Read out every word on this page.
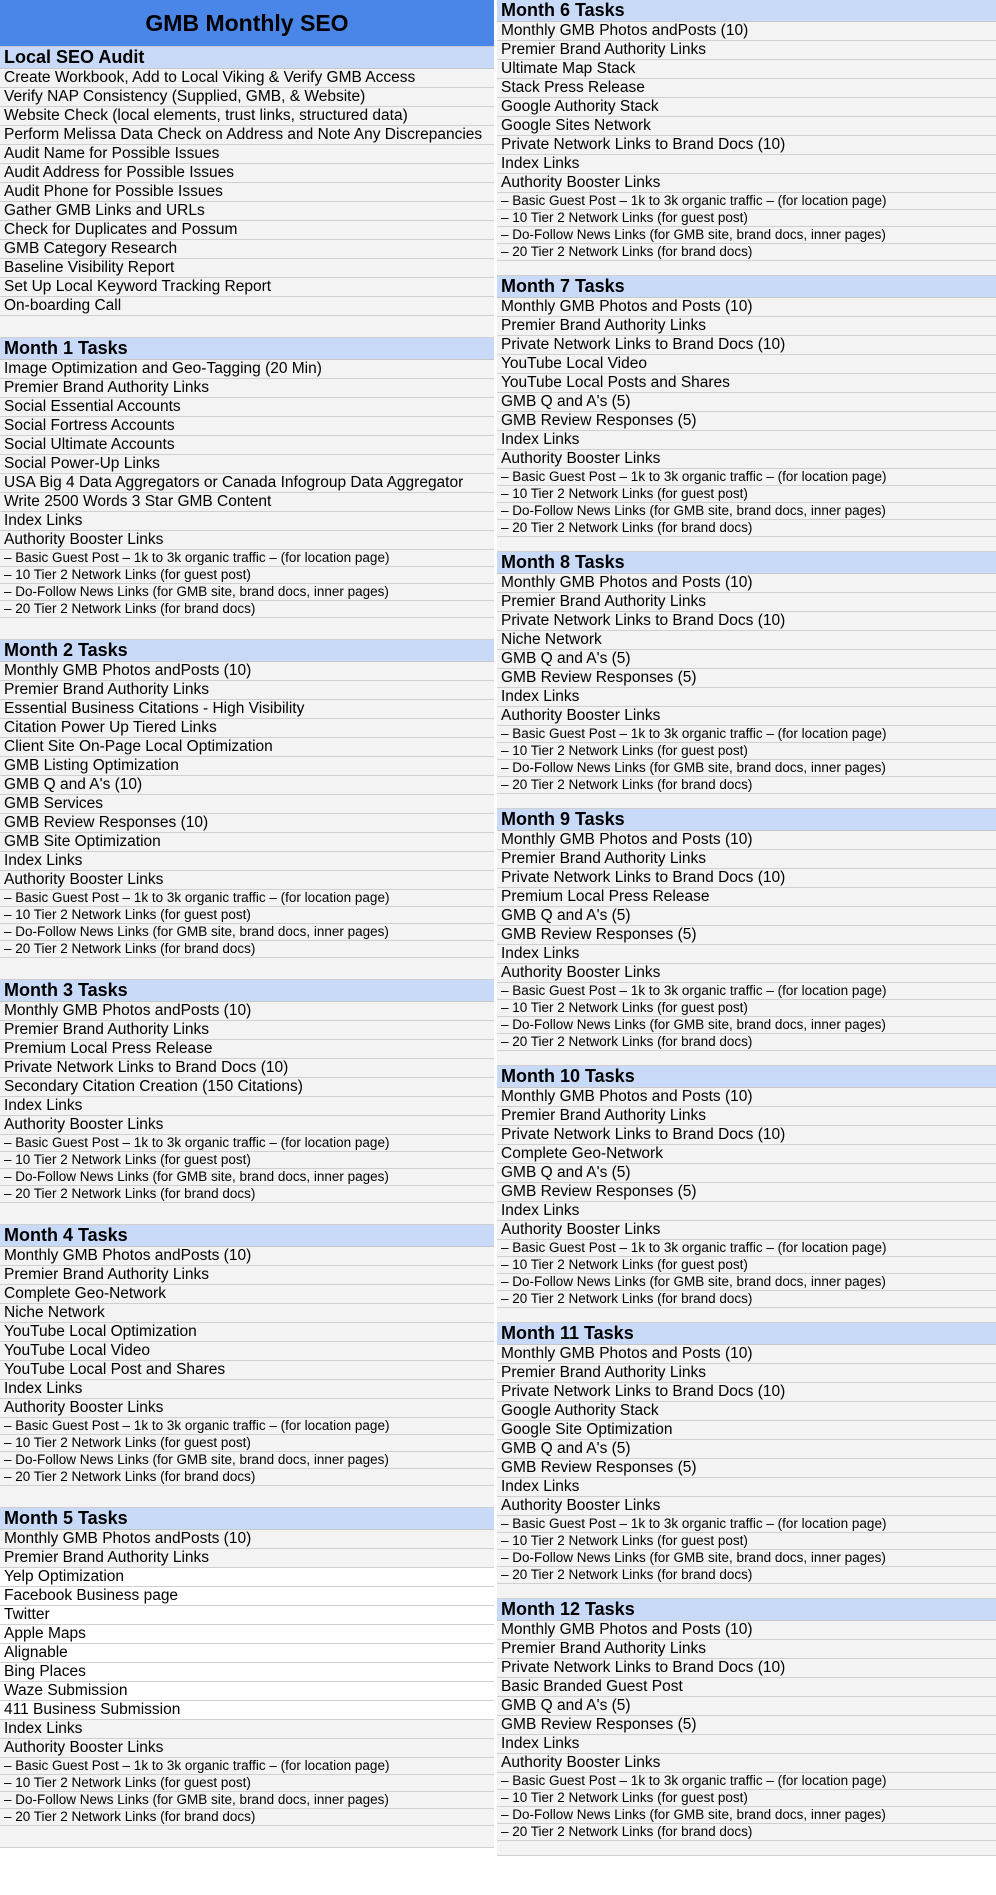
GMB Monthly SEO
Local SEO Audit
Create Workbook, Add to Local Viking & Verify GMB Access
Verify NAP Consistency (Supplied, GMB, & Website)
Website Check (local elements, trust links, structured data)
Perform Melissa Data Check on Address and Note Any Discrepancies
Audit Name for Possible Issues
Audit Address for Possible Issues
Audit Phone for Possible Issues
Gather GMB Links and URLs
Check for Duplicates and Possum
GMB Category Research
Baseline Visibility Report
Set Up Local Keyword Tracking Report
On-boarding Call
Month 1 Tasks
Image Optimization and Geo-Tagging (20 Min)
Premier Brand Authority Links
Social Essential Accounts
Social Fortress Accounts
Social Ultimate Accounts
Social Power-Up Links
USA Big 4 Data Aggregators or Canada Infogroup Data Aggregator
Write 2500 Words 3 Star GMB Content
Index Links
Authority Booster Links
– Basic Guest Post – 1k to 3k organic traffic – (for location page)
– 10 Tier 2 Network Links (for guest post)
– Do-Follow News Links (for GMB site, brand docs, inner pages)
– 20 Tier 2 Network Links (for brand docs)
Month 2 Tasks
Monthly GMB Photos andPosts (10)
Premier Brand Authority Links
Essential Business Citations - High Visibility
Citation Power Up Tiered Links
Client Site On-Page Local Optimization
GMB Listing Optimization
GMB Q and A's (10)
GMB Services
GMB Review Responses (10)
GMB Site Optimization
Index Links
Authority Booster Links
– Basic Guest Post – 1k to 3k organic traffic – (for location page)
– 10 Tier 2 Network Links (for guest post)
– Do-Follow News Links (for GMB site, brand docs, inner pages)
– 20 Tier 2 Network Links (for brand docs)
Month 3 Tasks
Monthly GMB Photos andPosts (10)
Premier Brand Authority Links
Premium Local Press Release
Private Network Links to Brand Docs (10)
Secondary Citation Creation (150 Citations)
Index Links
Authority Booster Links
– Basic Guest Post – 1k to 3k organic traffic – (for location page)
– 10 Tier 2 Network Links (for guest post)
– Do-Follow News Links (for GMB site, brand docs, inner pages)
– 20 Tier 2 Network Links (for brand docs)
Month 4 Tasks
Monthly GMB Photos andPosts (10)
Premier Brand Authority Links
Complete Geo-Network
Niche Network
YouTube Local Optimization
YouTube Local Video
YouTube Local Post and Shares
Index Links
Authority Booster Links
– Basic Guest Post – 1k to 3k organic traffic – (for location page)
– 10 Tier 2 Network Links (for guest post)
– Do-Follow News Links (for GMB site, brand docs, inner pages)
– 20 Tier 2 Network Links (for brand docs)
Month 5 Tasks
Monthly GMB Photos andPosts (10)
Premier Brand Authority Links
Yelp Optimization
Facebook Business page
Twitter
Apple Maps
Alignable
Bing Places
Waze Submission
411 Business Submission
Index Links
Authority Booster Links
– Basic Guest Post – 1k to 3k organic traffic – (for location page)
– 10 Tier 2 Network Links (for guest post)
– Do-Follow News Links (for GMB site, brand docs, inner pages)
– 20 Tier 2 Network Links (for brand docs)
Month 6 Tasks
Monthly GMB Photos andPosts (10)
Premier Brand Authority Links
Ultimate Map Stack
Stack Press Release
Google Authority Stack
Google Sites Network
Private Network Links to Brand Docs (10)
Index Links
Authority Booster Links
– Basic Guest Post – 1k to 3k organic traffic – (for location page)
– 10 Tier 2 Network Links (for guest post)
– Do-Follow News Links (for GMB site, brand docs, inner pages)
– 20 Tier 2 Network Links (for brand docs)
Month 7 Tasks
Monthly GMB Photos and Posts (10)
Premier Brand Authority Links
Private Network Links to Brand Docs (10)
YouTube Local Video
YouTube Local Posts and Shares
GMB Q and A's (5)
GMB Review Responses (5)
Index Links
Authority Booster Links
– Basic Guest Post – 1k to 3k organic traffic – (for location page)
– 10 Tier 2 Network Links (for guest post)
– Do-Follow News Links (for GMB site, brand docs, inner pages)
– 20 Tier 2 Network Links (for brand docs)
Month 8 Tasks
Monthly GMB Photos and Posts (10)
Premier Brand Authority Links
Private Network Links to Brand Docs (10)
Niche Network
GMB Q and A's (5)
GMB Review Responses (5)
Index Links
Authority Booster Links
– Basic Guest Post – 1k to 3k organic traffic – (for location page)
– 10 Tier 2 Network Links (for guest post)
– Do-Follow News Links (for GMB site, brand docs, inner pages)
– 20 Tier 2 Network Links (for brand docs)
Month 9 Tasks
Monthly GMB Photos and Posts (10)
Premier Brand Authority Links
Private Network Links to Brand Docs (10)
Premium Local Press Release
GMB Q and A's (5)
GMB Review Responses (5)
Index Links
Authority Booster Links
– Basic Guest Post – 1k to 3k organic traffic – (for location page)
– 10 Tier 2 Network Links (for guest post)
– Do-Follow News Links (for GMB site, brand docs, inner pages)
– 20 Tier 2 Network Links (for brand docs)
Month 10 Tasks
Monthly GMB Photos and Posts (10)
Premier Brand Authority Links
Private Network Links to Brand Docs (10)
Complete Geo-Network
GMB Q and A's (5)
GMB Review Responses (5)
Index Links
Authority Booster Links
– Basic Guest Post – 1k to 3k organic traffic – (for location page)
– 10 Tier 2 Network Links (for guest post)
– Do-Follow News Links (for GMB site, brand docs, inner pages)
– 20 Tier 2 Network Links (for brand docs)
Month 11 Tasks
Monthly GMB Photos and Posts (10)
Premier Brand Authority Links
Private Network Links to Brand Docs (10)
Google Authority Stack
Google Site Optimization
GMB Q and A's (5)
GMB Review Responses (5)
Index Links
Authority Booster Links
– Basic Guest Post – 1k to 3k organic traffic – (for location page)
– 10 Tier 2 Network Links (for guest post)
– Do-Follow News Links (for GMB site, brand docs, inner pages)
– 20 Tier 2 Network Links (for brand docs)
Month 12 Tasks
Monthly GMB Photos and Posts (10)
Premier Brand Authority Links
Private Network Links to Brand Docs (10)
Basic Branded Guest Post
GMB Q and A's (5)
GMB Review Responses (5)
Index Links
Authority Booster Links
– Basic Guest Post – 1k to 3k organic traffic – (for location page)
– 10 Tier 2 Network Links (for guest post)
– Do-Follow News Links (for GMB site, brand docs, inner pages)
– 20 Tier 2 Network Links (for brand docs)
